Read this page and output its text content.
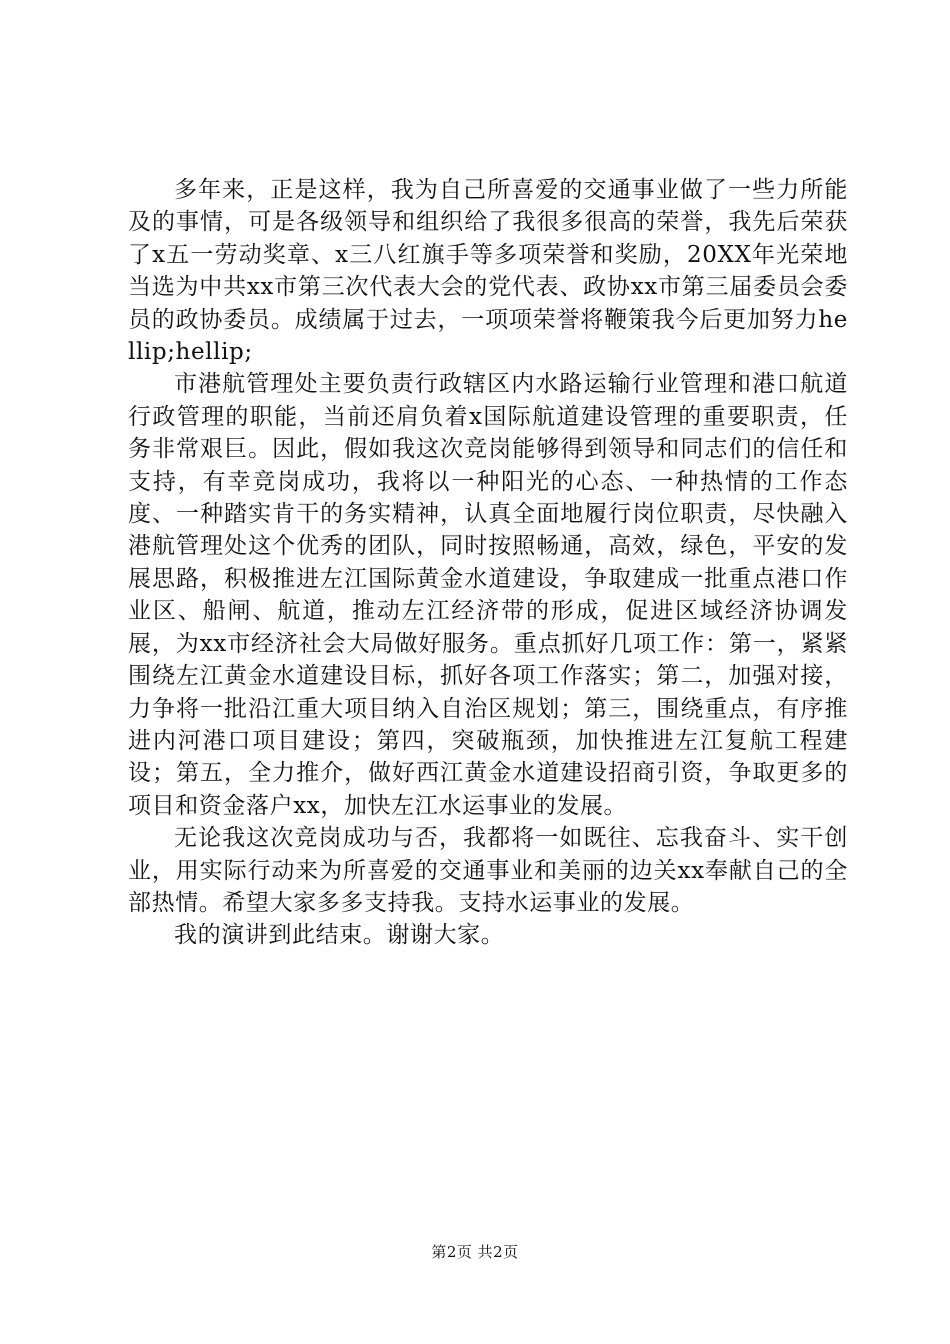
多年来，正是这样，我为自己所喜爱的交通事业做了一些力所能及的事情，可是各级领导和组织给了我很多很高的荣誉，我先后荣获了x五一劳动奖章、x三八红旗手等多项荣誉和奖励，20XX年光荣地当选为中共xx市第三次代表大会的党代表、政协xx市第三届委员会委员的政协委员。成绩属于过去，一项项荣誉将鞭策我今后更加努力hellip;hellip;

市港航管理处主要负责行政辖区内水路运输行业管理和港口航道行政管理的职能，当前还肩负着x国际航道建设管理的重要职责，任务非常艰巨。因此，假如我这次竞岗能够得到领导和同志们的信任和支持，有幸竞岗成功，我将以一种阳光的心态、一种热情的工作态度、一种踏实肯干的务实精神，认真全面地履行岗位职责，尽快融入港航管理处这个优秀的团队，同时按照畅通，高效，绿色，平安的发展思路，积极推进左江国际黄金水道建设，争取建成一批重点港口作业区、船闸、航道，推动左江经济带的形成，促进区域经济协调发展，为xx市经济社会大局做好服务。重点抓好几项工作：第一，紧紧围绕左江黄金水道建设目标，抓好各项工作落实；第二，加强对接，力争将一批沿江重大项目纳入自治区规划；第三，围绕重点，有序推进内河港口项目建设；第四，突破瓶颈，加快推进左江复航工程建设；第五，全力推介，做好西江黄金水道建设招商引资，争取更多的项目和资金落户xx，加快左江水运事业的发展。

无论我这次竞岗成功与否，我都将一如既往、忘我奋斗、实干创业，用实际行动来为所喜爱的交通事业和美丽的边关xx奉献自己的全部热情。希望大家多多支持我。支持水运事业的发展。

我的演讲到此结束。谢谢大家。

第2页 共2页
